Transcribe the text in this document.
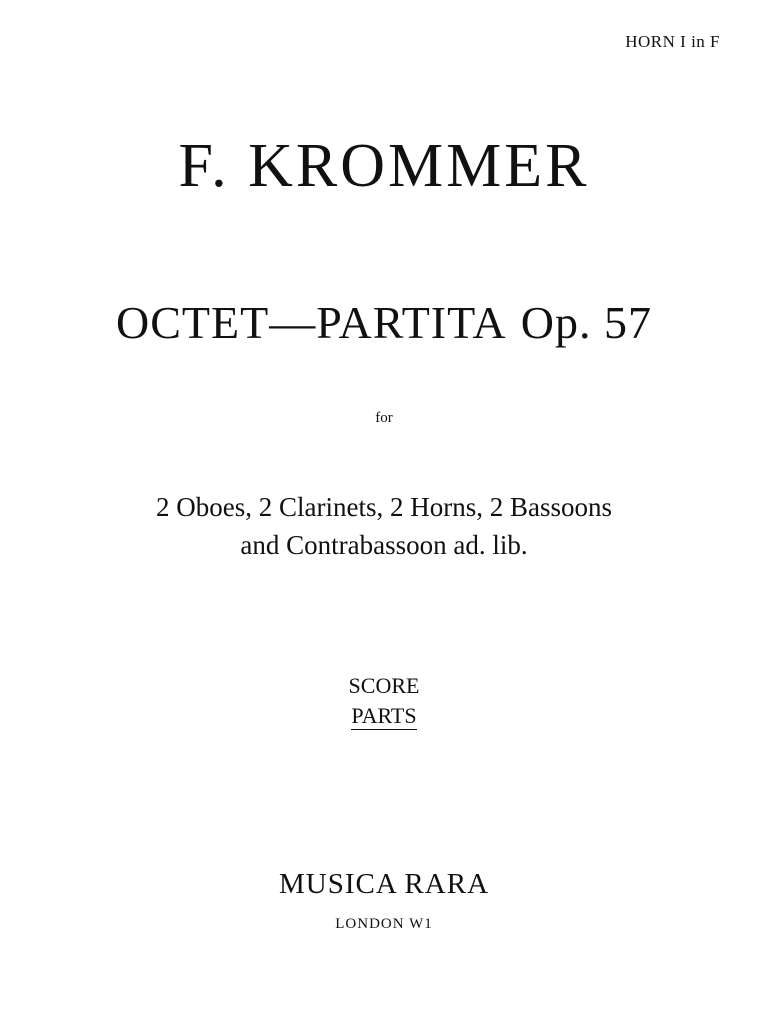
HORN I in F
F. KROMMER
OCTET—PARTITA Op. 57
for
2 Oboes, 2 Clarinets, 2 Horns, 2 Bassoons
and Contrabassoon ad. lib.
SCORE
PARTS
MUSICA RARA
LONDON W1
